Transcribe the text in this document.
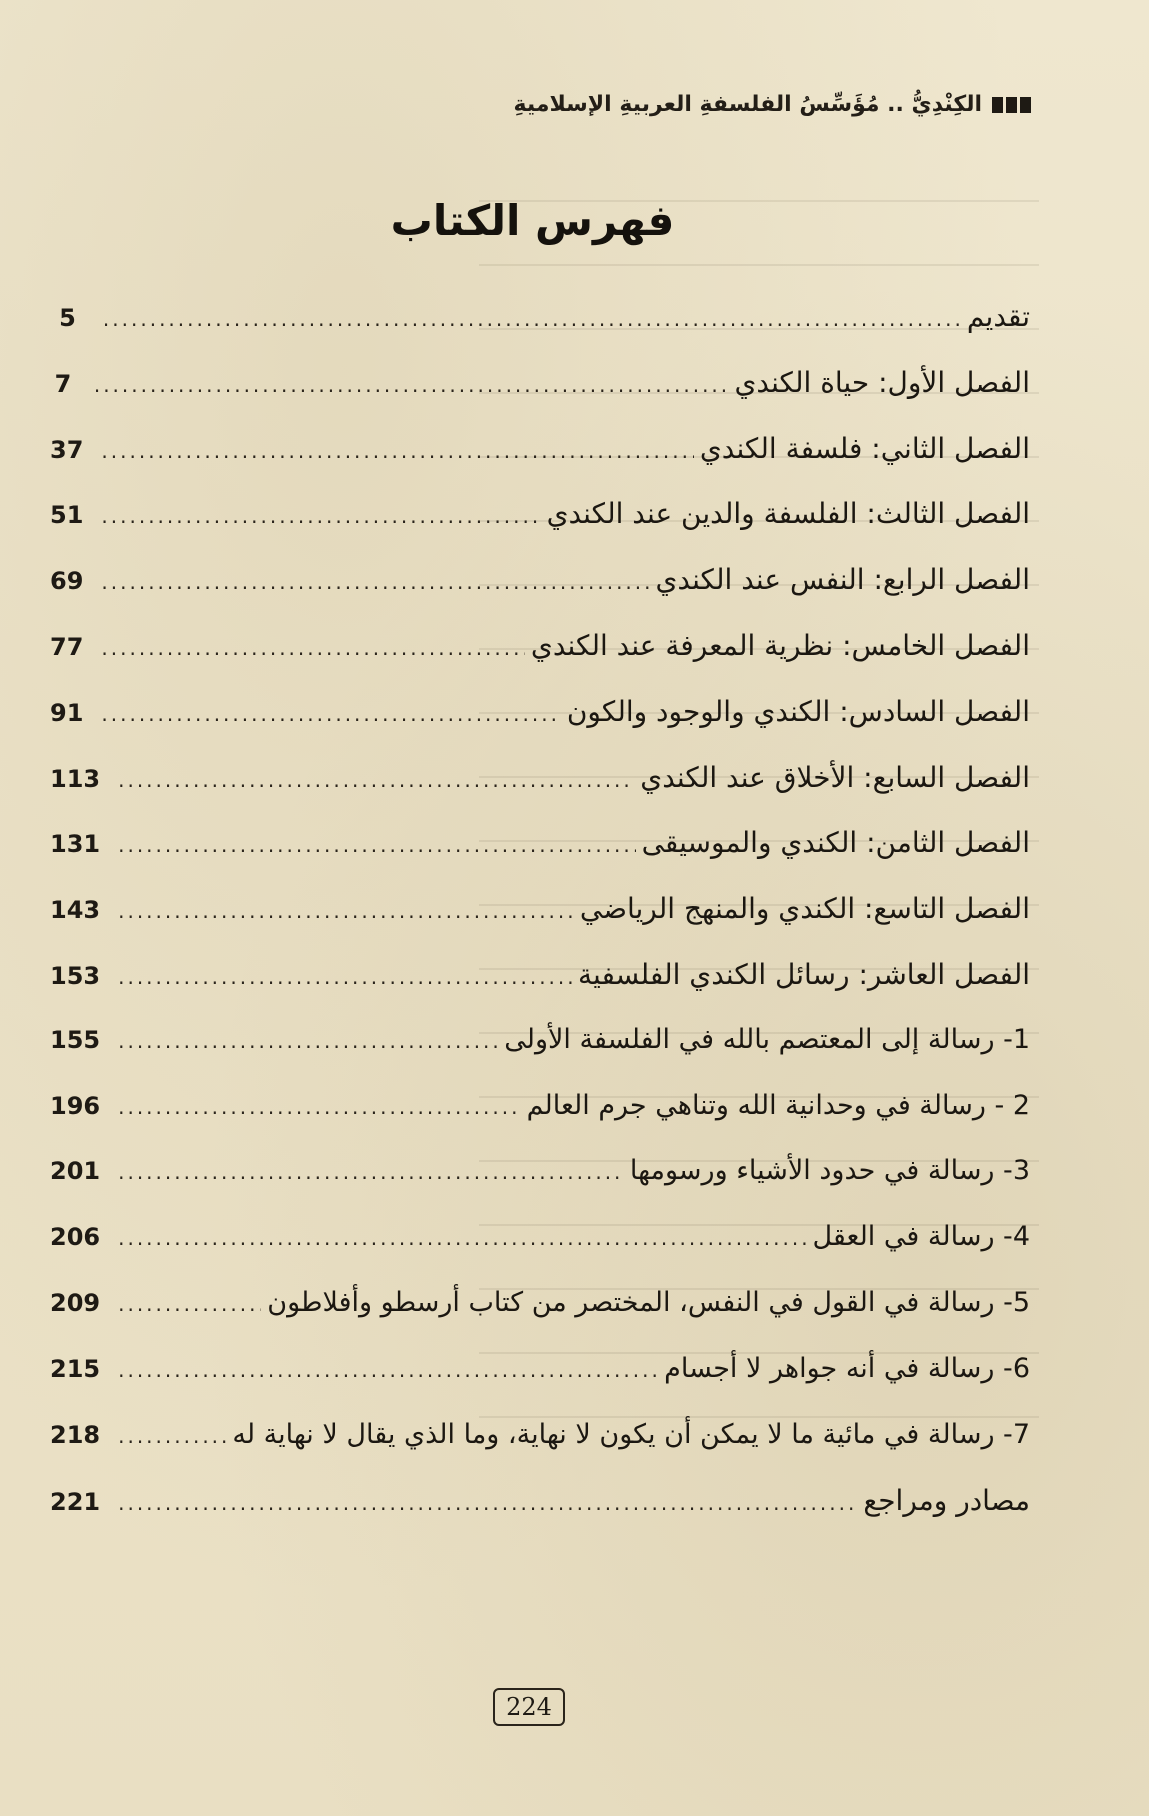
الكِنْدِيُّ .. مُؤَسِّسُ الفلسفةِ العربيةِ الإسلاميةِ
فهرس الكتاب
تقديم
.....
5
الفصل الأول: حياة الكندي
.....
7
الفصل الثاني: فلسفة الكندي
.....
37
الفصل الثالث: الفلسفة والدين عند الكندي
.....
51
الفصل الرابع: النفس عند الكندي
.....
69
الفصل الخامس: نظرية المعرفة عند الكندي
.....
77
الفصل السادس: الكندي والوجود والكون
.....
91
الفصل السابع: الأخلاق عند الكندي
.....
113
الفصل الثامن: الكندي والموسيقى
.....
131
الفصل التاسع: الكندي والمنهج الرياضي
.....
143
الفصل العاشر: رسائل الكندي الفلسفية
.....
153
1- رسالة إلى المعتصم بالله في الفلسفة الأولى
.....
155
2 - رسالة في وحدانية الله وتناهي جرم العالم
.....
196
3- رسالة في حدود الأشياء ورسومها
.....
201
4- رسالة في العقل
.....
206
5- رسالة في القول في النفس، المختصر من كتاب أرسطو وأفلاطون
.....
209
6- رسالة في أنه جواهر لا أجسام
.....
215
7- رسالة في مائية ما لا يمكن أن يكون لا نهاية، وما الذي يقال لا نهاية له
.....
218
مصادر ومراجع
.....
221
224
